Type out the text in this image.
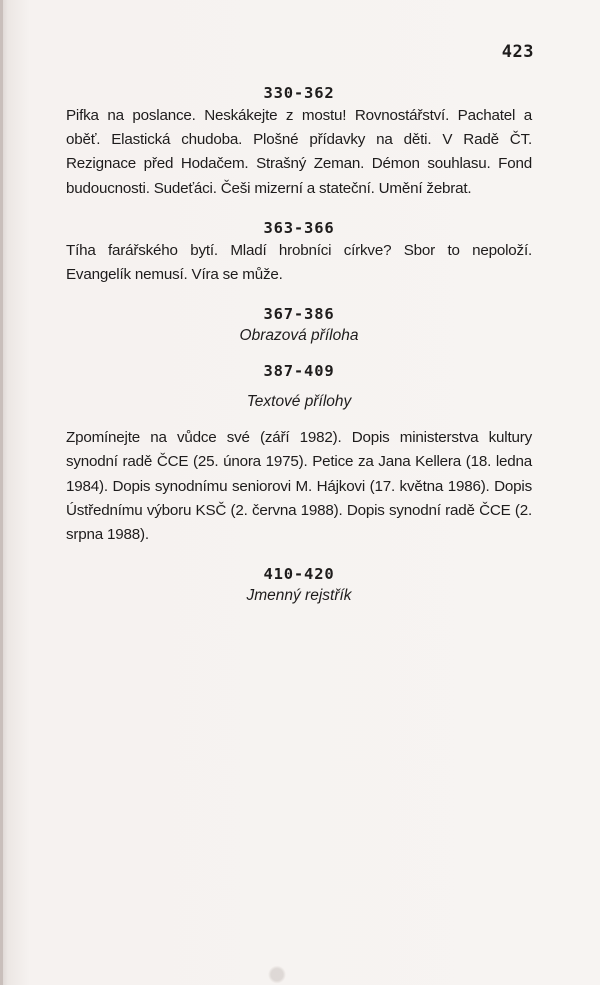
423

330-362

Pifka na poslance. Neskákejte z mostu! Rovnostářství. Pachatel a oběť. Elastická chudoba. Plošné přídavky na děti. V Radě ČT. Rezignace před Hodačem. Strašný Zeman. Démon souhlasu. Fond budoucnosti. Sudeťáci. Češi mizerní a stateční. Umění žebrat.

363-366

Tíha farářského bytí. Mladí hrobníci církve? Sbor to nepoloží. Evangelík nemusí. Víra se může.

367-386

Obrazová příloha

387-409

Textové přílohy

Zpomínejte na vůdce své (září 1982). Dopis ministerstva kultury synodní radě ČCE (25. února 1975). Petice za Jana Kellera (18. ledna 1984). Dopis synodnímu seniorovi M. Hájkovi (17. května 1986). Dopis Ústřednímu výboru KSČ (2. června 1988). Dopis synodní radě ČCE (2. srpna 1988).

410-420

Jmenný rejstřík
